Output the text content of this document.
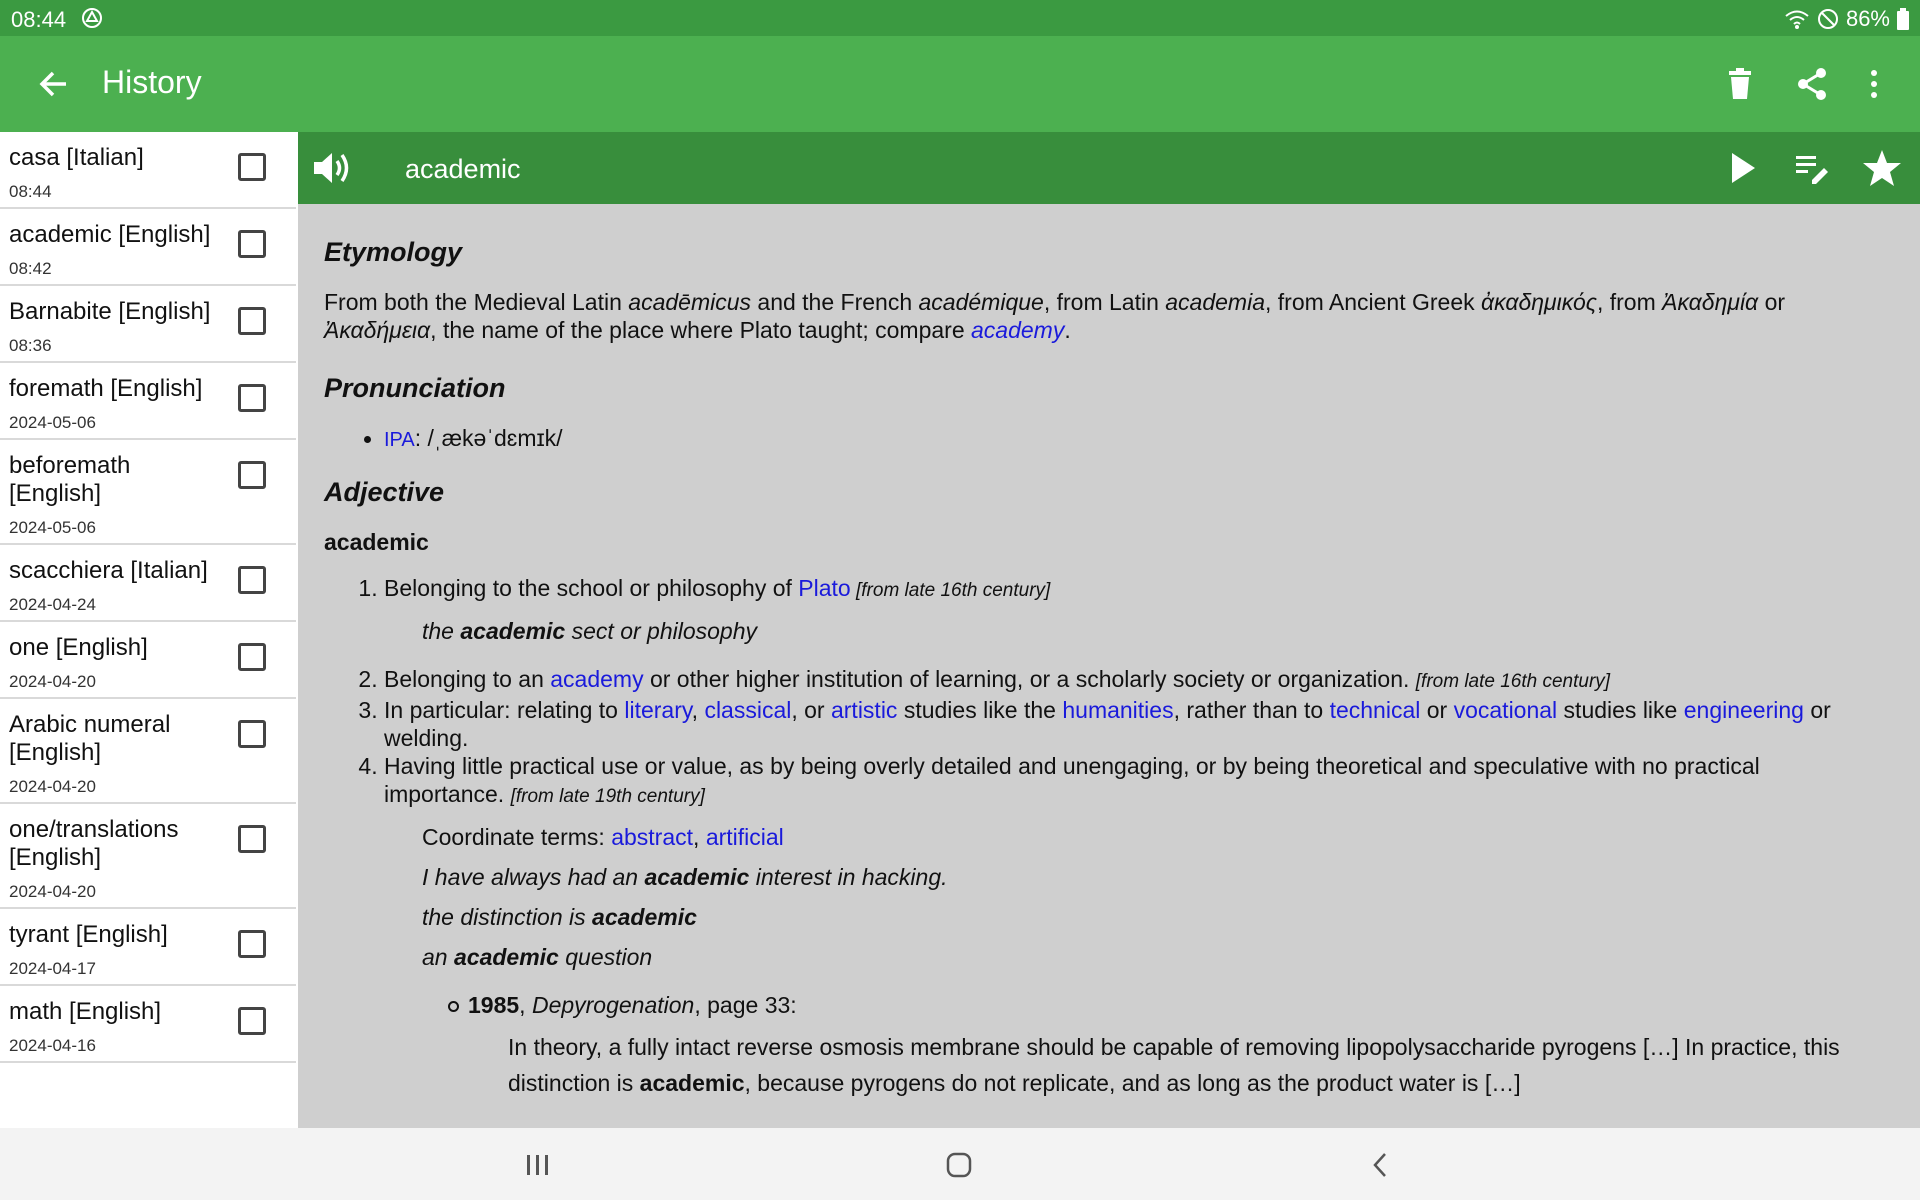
08:44	86%
History
casa [Italian]
08:44
academic [English]
08:42
Barnabite [English]
08:36
foremath [English]
2024-05-06
beforemath [English]
2024-05-06
scacchiera [Italian]
2024-04-24
one [English]
2024-04-20
Arabic numeral [English]
2024-04-20
one/translations [English]
2024-04-20
tyrant [English]
2024-04-17
math [English]
2024-04-16
academic
Etymology

From both the Medieval Latin acadēmicus and the French académique, from Latin academia, from Ancient Greek ἀκαδημικός, from Ἀκαδημία or Ἀκαδήμεια, the name of the place where Plato taught; compare academy.

Pronunciation
IPA: /ˌækəˈdɛmɪk/
Adjective

academic

1. Belonging to the school or philosophy of Plato [from late 16th century]
the academic sect or philosophy
2. Belonging to an academy or other higher institution of learning, or a scholarly society or organization. [from late 16th century]
3. In particular: relating to literary, classical, or artistic studies like the humanities, rather than to technical or vocational studies like engineering or welding.
4. Having little practical use or value, as by being overly detailed and unengaging, or by being theoretical and speculative with no practical importance. [from late 19th century]
Coordinate terms: abstract, artificial
I have always had an academic interest in hacking.
the distinction is academic
an academic question
1985, Depyrogenation, page 33:
In theory, a fully intact reverse osmosis membrane should be capable of removing lipopolysaccharide pyrogens […] In practice, this distinction is academic, because pyrogens do not replicate, and as long as the product water is […]
